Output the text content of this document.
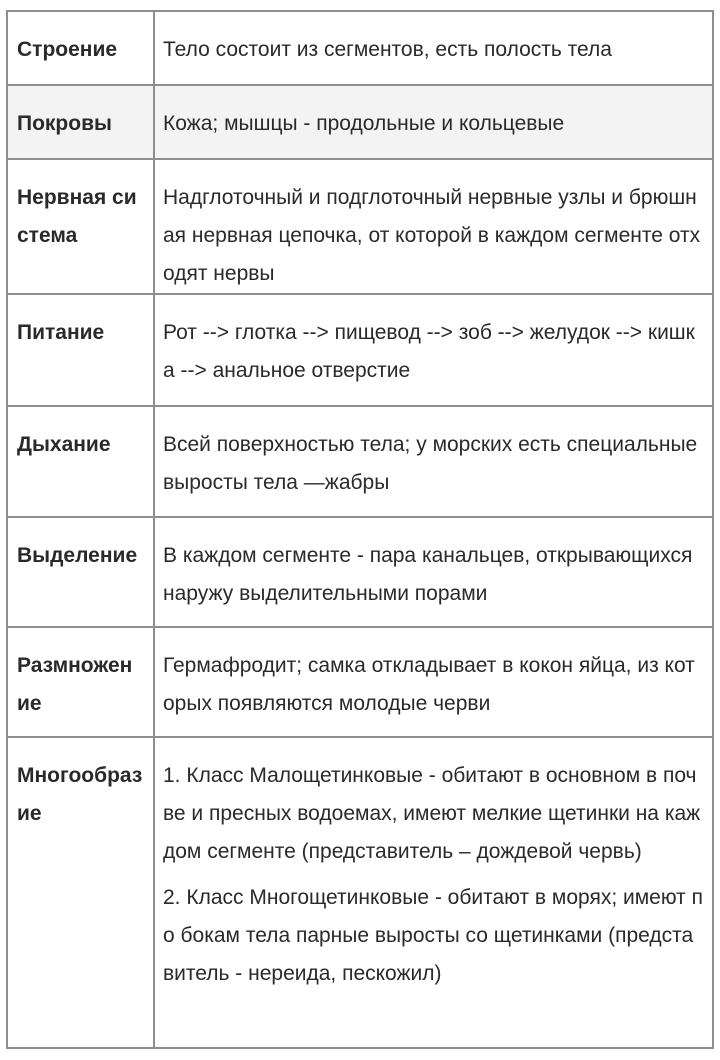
Строение	Тело состоит из сегментов, есть полость тела
Покровы	Кожа; мышцы - продольные и кольцевые
Нервная система	Надглоточный и подглоточный нервные узлы и брюшная нервная цепочка, от которой в каждом сегменте отходят нервы
Питание	Рот --> глотка --> пищевод --> зоб --> желудок --> кишка --> анальное отверстие
Дыхание	Всей поверхностью тела; у морских есть специальные выросты тела —жабры
Выделение	В каждом сегменте - пара канальцев, открывающихся наружу выделительными порами
Размножение	Гермафродит; самка откладывает в кокон яйца, из которых появляются молодые черви
Многообразие	1. Класс Малощетинковые - обитают в основном в почве и пресных водоемах, имеют мелкие щетинки на каждом сегменте (представитель – дождевой червь)
2. Класс Многощетинковые - обитают в морях; имеют по бокам тела парные выросты со щетинками (представитель - нереида, пескожил)
